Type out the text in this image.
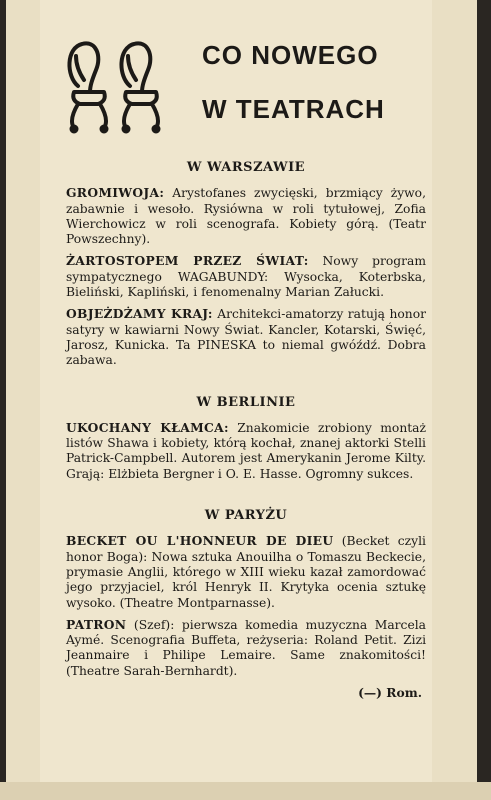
CO NOWEGO
W TEATRACH
W WARSZAWIE
GROMIWOJA: Arystofanes zwycięski, brzmiący żywo, zabawnie i wesoło. Rysiówna w roli tytułowej, Zofia Wierchowicz w roli scenografa. Kobiety górą. (Teatr Powszechny).
ŻARTOSTOPEM PRZEZ ŚWIAT: Nowy program sympatycznego WAGABUNDY: Wysocka, Koterbska, Bieliński, Kapliński, i fenomenalny Marian Załucki.
OBJEŻDŻAMY KRAJ: Architekci-amatorzy ratują honor satyry w kawiarni Nowy Świat. Kancler, Kotarski, Święć, Jarosz, Kunicka. Ta PINESKA to niemal gwóźdź. Dobra zabawa.
W BERLINIE
UKOCHANY KŁAMCA: Znakomicie zrobiony montaż listów Shawa i kobiety, którą kochał, znanej aktorki Stelli Patrick-Campbell. Autorem jest Amerykanin Jerome Kilty. Grają: Elżbieta Bergner i O. E. Hasse. Ogromny sukces.
W PARYŻU
BECKET OU L'HONNEUR DE DIEU (Becket czyli honor Boga): Nowa sztuka Anouilha o Tomaszu Beckecie, prymasie Anglii, którego w XIII wieku kazał zamordować jego przyjaciel, król Henryk II. Krytyka ocenia sztukę wysoko. (Theatre Montparnasse).
PATRON (Szef): pierwsza komedia muzyczna Marcela Aymé. Scenografia Buffeta, reżyseria: Roland Petit. Zizi Jeanmaire i Philipe Lemaire. Same znakomitości! (Theatre Sarah-Bernhardt).
(—) Rom.
